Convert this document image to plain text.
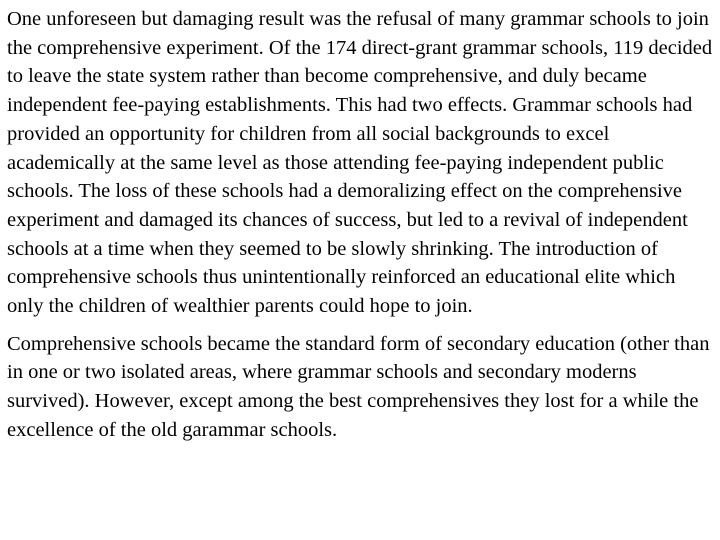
One unforeseen but damaging result was the refusal of many grammar schools to join the comprehensive experiment. Of the 174 direct-grant grammar schools, 119 decided to leave the state system rather than become comprehensive, and duly became independent fee-paying establishments. This had two effects. Grammar schools had provided an opportunity for children from all social backgrounds to excel academically at the same level as those attending fee-paying independent public schools. The loss of these schools had a demoralizing effect on the comprehensive experiment and damaged its chances of success, but led to a revival of independent schools at a time when they seemed to be slowly shrinking. The introduction of comprehensive schools thus unintentionally reinforced an educational elite which only the children of wealthier parents could hope to join.

Comprehensive schools became the standard form of secondary education (other than in one or two isolated areas, where grammar schools and secondary moderns survived). However, except among the best comprehensives they lost for a while the excellence of the old garammar schools.
